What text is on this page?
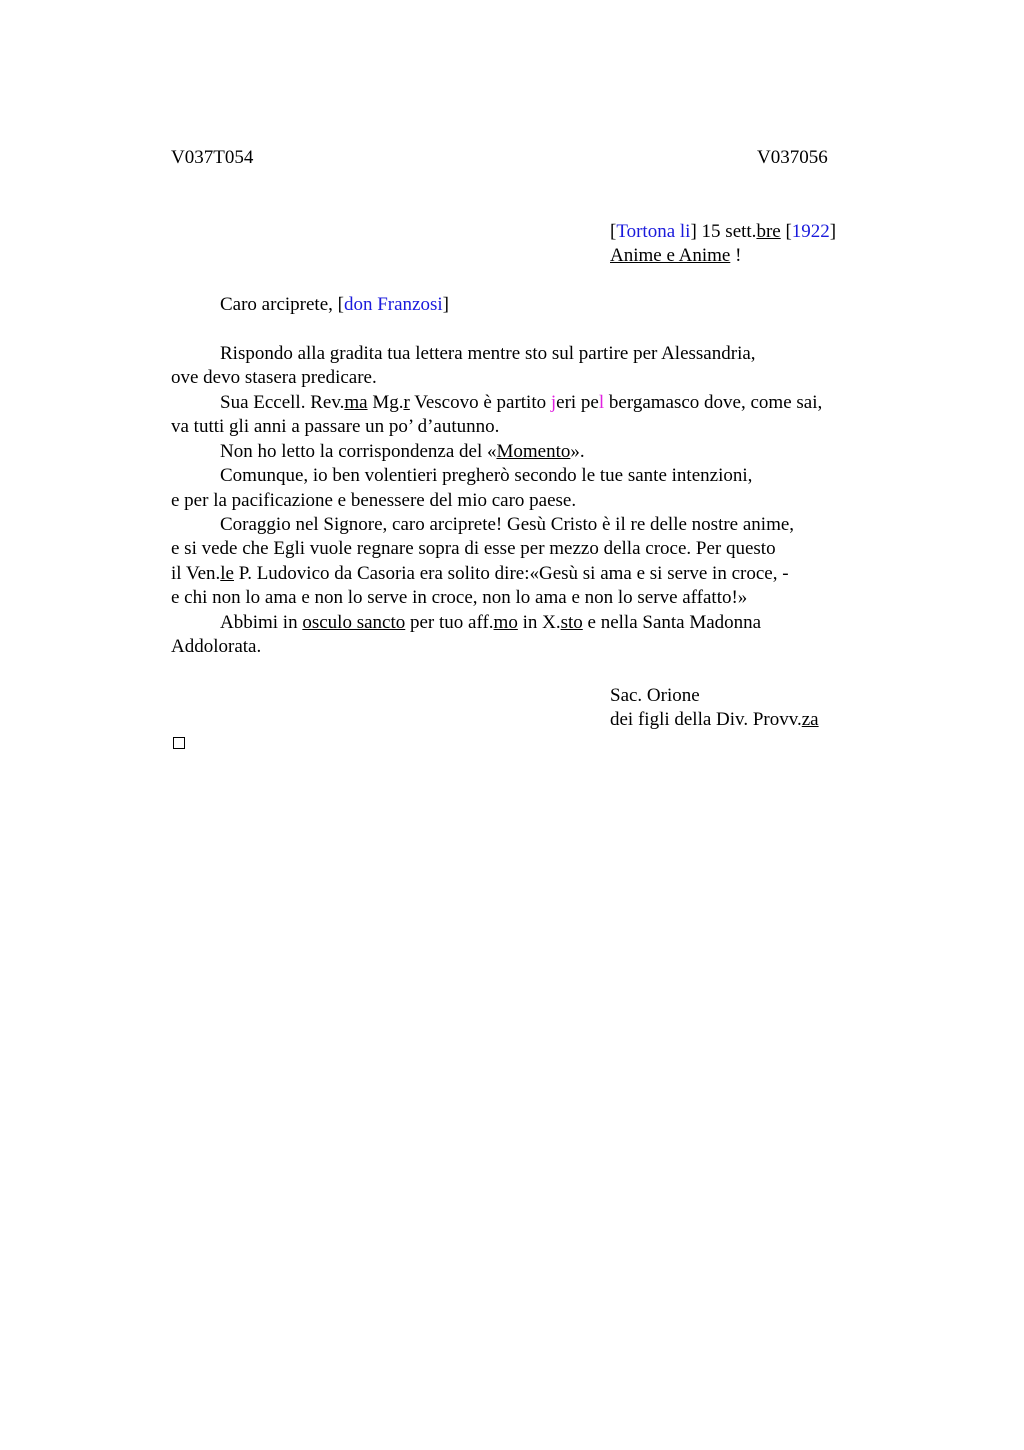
V037T054	V037056
[Tortona li] 15 sett.bre [1922]
Anime e Anime !
Caro arciprete, [don Franzosi]
Rispondo alla gradita tua lettera mentre sto sul partire per Alessandria,
ove devo stasera predicare.
Sua Eccell. Rev.ma Mg.r Vescovo è partito jeri pel bergamasco dove, come sai,
va tutti gli anni a passare un po’ d’autunno.
Non ho letto la corrispondenza del «Momento».
Comunque, io ben volentieri pregherò secondo le tue sante intenzioni,
e per la pacificazione e benessere del mio caro paese.
Coraggio nel Signore, caro arciprete! Gesù Cristo è il re delle nostre anime,
e si vede che Egli vuole regnare sopra di esse per mezzo della croce. Per questo
il Ven.le P. Ludovico da Casoria era solito dire:«Gesù si ama e si serve in croce, -
e chi non lo ama e non lo serve in croce, non lo ama e non lo serve affatto!»
Abbimi in osculo sancto per tuo aff.mo in X.sto e nella Santa Madonna
Addolorata.
Sac. Orione
dei figli della Div. Provv.za
